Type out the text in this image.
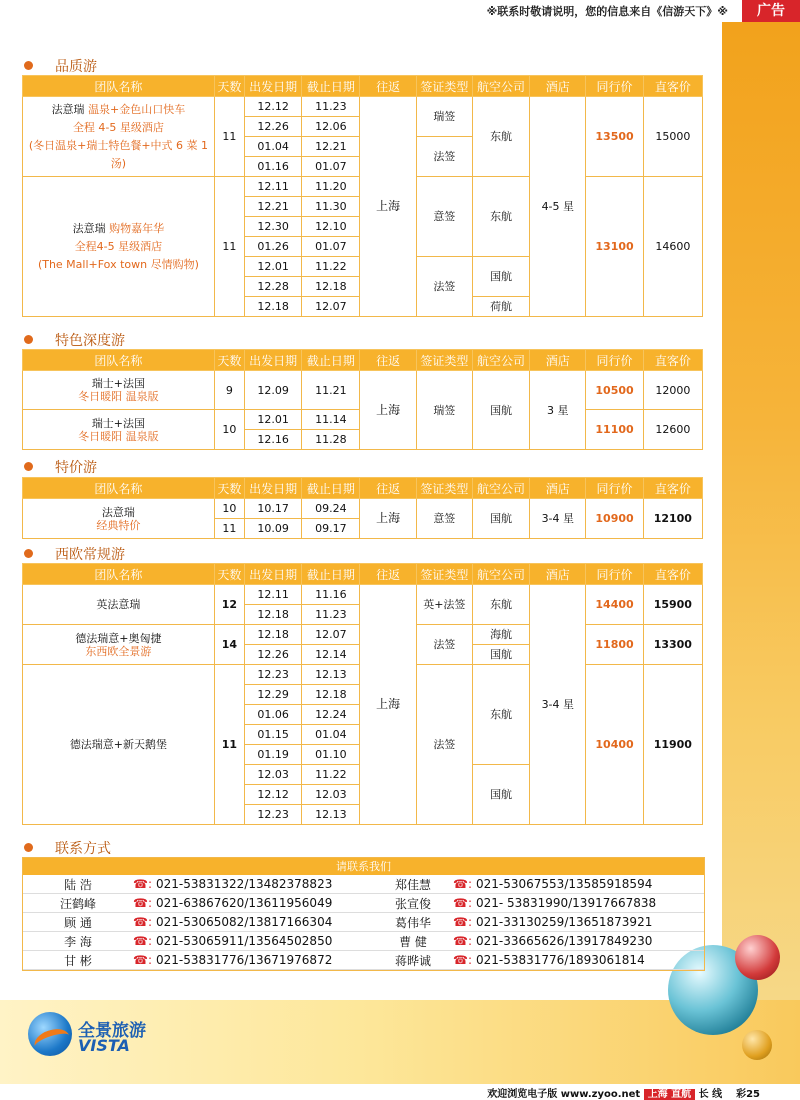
※联系时敬请说明，您的信息来自《信游天下》※	广告
全景旅游
VISTA
品质游
团队名称	天数	出发日期	截止日期	往返	签证类型	航空公司	酒店	同行价	直客价
法意瑞 温泉+金色山口快车
全程 4-5 星级酒店
(冬日温泉+瑞士特色餐+中式 6 菜 1 汤)	11	12.12	11.23	上海	瑞签	东航	4-5 星	13500	15000
		12.26	12.06						
		01.04	12.21		法签				
		01.16	01.07						
法意瑞 购物嘉年华
全程4-5 星级酒店
(The Mall+Fox town 尽情购物)	11	12.11	11.20		意签	东航		13100	14600
		12.21	11.30						
		12.30	12.10						
		01.26	01.07						
		12.01	11.22		法签	国航			
		12.28	12.18						
		12.18	12.07			荷航			
特色深度游
团队名称	天数	出发日期	截止日期	往返	签证类型	航空公司	酒店	同行价	直客价
瑞士+法国
冬日暖阳 温泉版	9	12.09	11.21	上海	瑞签	国航	3 星	10500	12000
瑞士+法国
冬日暖阳 温泉版	10	12.01	11.14					11100	12600
		12.16	11.28						
特价游
团队名称	天数	出发日期	截止日期	往返	签证类型	航空公司	酒店	同行价	直客价
法意瑞
经典特价	10	10.17	09.24	上海	意签	国航	3-4 星	10900	12100
	11	10.09	09.17						
西欧常规游
团队名称	天数	出发日期	截止日期	往返	签证类型	航空公司	酒店	同行价	直客价
英法意瑞	12	12.11	11.16	上海	英+法签	东航	3-4 星	14400	15900
		12.18	11.23						
德法瑞意+奥匈捷
东西欧全景游	14	12.18	12.07		法签	海航		11800	13300
		12.26	12.14			国航			
德法瑞意+新天鹅堡	11	12.23	12.13		法签	东航		10400	11900
		12.29	12.18						
		01.06	12.24						
		01.15	01.04						
		01.19	01.10						
		12.03	11.22			国航			
		12.12	12.03						
		12.23	12.13						
联系方式
请联系我们
陆 浩	☎: 021-53831322/13482378823	郑佳慧	☎: 021-53067553/13585918594
汪鹤峰	☎: 021-63867620/13611956049	张宣俊	☎: 021- 53831990/13917667838
顾 通	☎: 021-53065082/13817166304	葛伟华	☎: 021-33130259/13651873921
李 海	☎: 021-53065911/13564502850	曹 健	☎: 021-33665626/13917849230
甘 彬	☎: 021-53831776/13671976872	蒋晔诚	☎: 021-53831776/1893061814
欢迎浏览电子版 www.zyoo.net 上海 直航 长 线 彩25
